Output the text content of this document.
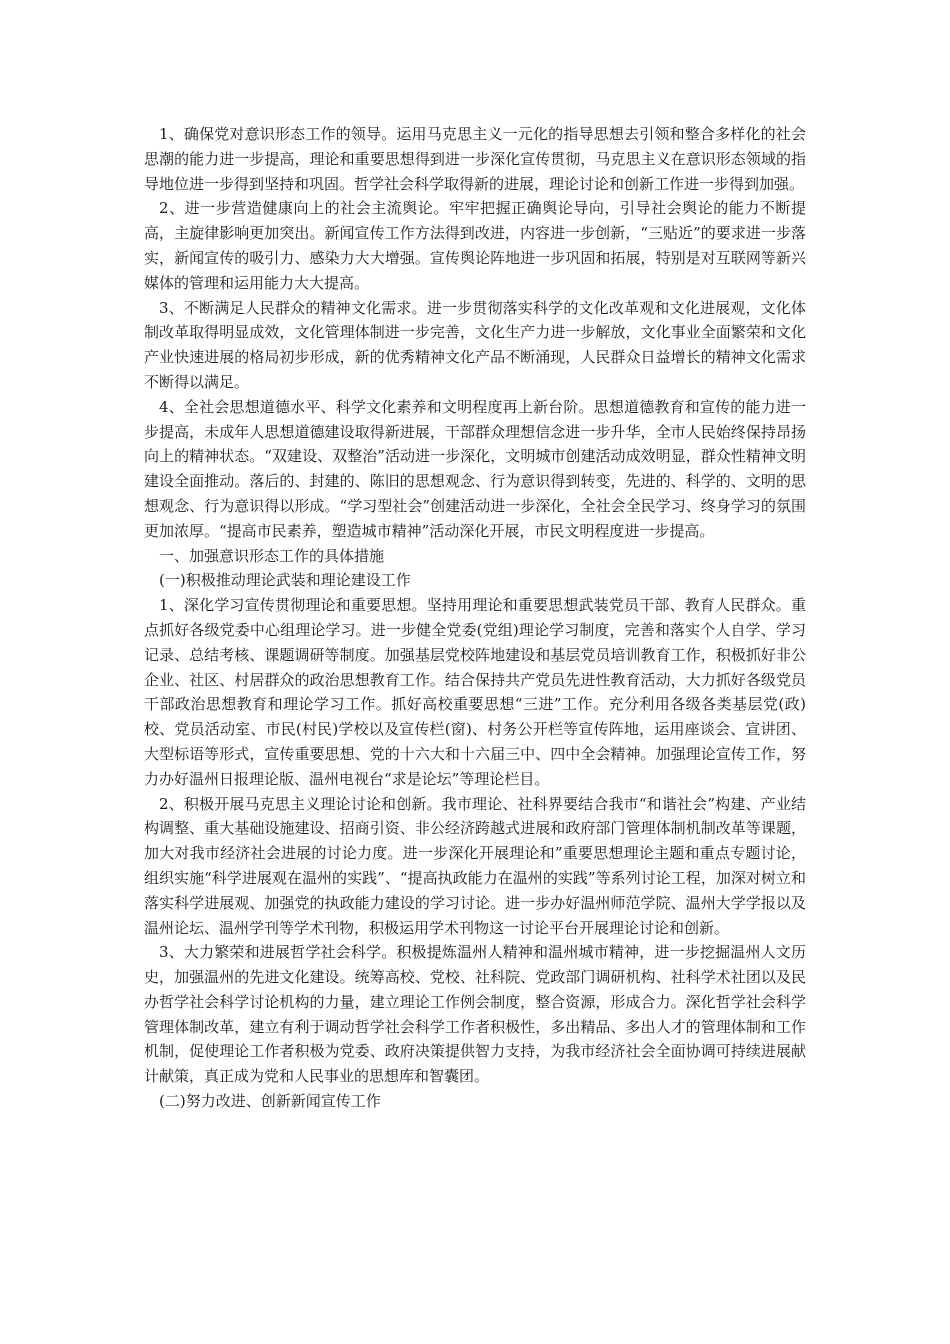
1、确保党对意识形态工作的领导。运用马克思主义一元化的指导思想去引领和整合多样化的社会思潮的能力进一步提高，理论和重要思想得到进一步深化宣传贯彻，马克思主义在意识形态领域的指导地位进一步得到坚持和巩固。哲学社会科学取得新的进展，理论讨论和创新工作进一步得到加强。

2、进一步营造健康向上的社会主流舆论。牢牢把握正确舆论导向，引导社会舆论的能力不断提高，主旋律影响更加突出。新闻宣传工作方法得到改进，内容进一步创新，“三贴近”的要求进一步落实，新闻宣传的吸引力、感染力大大增强。宣传舆论阵地进一步巩固和拓展，特别是对互联网等新兴媒体的管理和运用能力大大提高。

3、不断满足人民群众的精神文化需求。进一步贯彻落实科学的文化改革观和文化进展观，文化体制改革取得明显成效，文化管理体制进一步完善，文化生产力进一步解放，文化事业全面繁荣和文化产业快速进展的格局初步形成，新的优秀精神文化产品不断涌现，人民群众日益增长的精神文化需求不断得以满足。

4、全社会思想道德水平、科学文化素养和文明程度再上新台阶。思想道德教育和宣传的能力进一步提高，未成年人思想道德建设取得新进展，干部群众理想信念进一步升华，全市人民始终保持昂扬向上的精神状态。“双建设、双整治”活动进一步深化，文明城市创建活动成效明显，群众性精神文明建设全面推动。落后的、封建的、陈旧的思想观念、行为意识得到转变，先进的、科学的、文明的思想观念、行为意识得以形成。“学习型社会”创建活动进一步深化，全社会全民学习、终身学习的氛围更加浓厚。“提高市民素养，塑造城市精神”活动深化开展，市民文明程度进一步提高。

一、加强意识形态工作的具体措施

(一)积极推动理论武装和理论建设工作

1、深化学习宣传贯彻理论和重要思想。坚持用理论和重要思想武装党员干部、教育人民群众。重点抓好各级党委中心组理论学习。进一步健全党委(党组)理论学习制度，完善和落实个人自学、学习记录、总结考核、课题调研等制度。加强基层党校阵地建设和基层党员培训教育工作，积极抓好非公企业、社区、村居群众的政治思想教育工作。结合保持共产党员先进性教育活动，大力抓好各级党员干部政治思想教育和理论学习工作。抓好高校重要思想“三进”工作。充分利用各级各类基层党(政)校、党员活动室、市民(村民)学校以及宣传栏(窗)、村务公开栏等宣传阵地，运用座谈会、宣讲团、大型标语等形式，宣传重要思想、党的十六大和十六届三中、四中全会精神。加强理论宣传工作，努力办好温州日报理论版、温州电视台“求是论坛”等理论栏目。

2、积极开展马克思主义理论讨论和创新。我市理论、社科界要结合我市“和谐社会”构建、产业结构调整、重大基础设施建设、招商引资、非公经济跨越式进展和政府部门管理体制机制改革等课题，加大对我市经济社会进展的讨论力度。进一步深化开展理论和”重要思想理论主题和重点专题讨论，组织实施“科学进展观在温州的实践”、“提高执政能力在温州的实践”等系列讨论工程，加深对树立和落实科学进展观、加强党的执政能力建设的学习讨论。进一步办好温州师范学院、温州大学学报以及温州论坛、温州学刊等学术刊物，积极运用学术刊物这一讨论平台开展理论讨论和创新。

3、大力繁荣和进展哲学社会科学。积极提炼温州人精神和温州城市精神，进一步挖掘温州人文历史，加强温州的先进文化建设。统筹高校、党校、社科院、党政部门调研机构、社科学术社团以及民办哲学社会科学讨论机构的力量，建立理论工作例会制度，整合资源，形成合力。深化哲学社会科学管理体制改革，建立有利于调动哲学社会科学工作者积极性，多出精品、多出人才的管理体制和工作机制，促使理论工作者积极为党委、政府决策提供智力支持，为我市经济社会全面协调可持续进展献计献策，真正成为党和人民事业的思想库和智囊团。

(二)努力改进、创新新闻宣传工作
